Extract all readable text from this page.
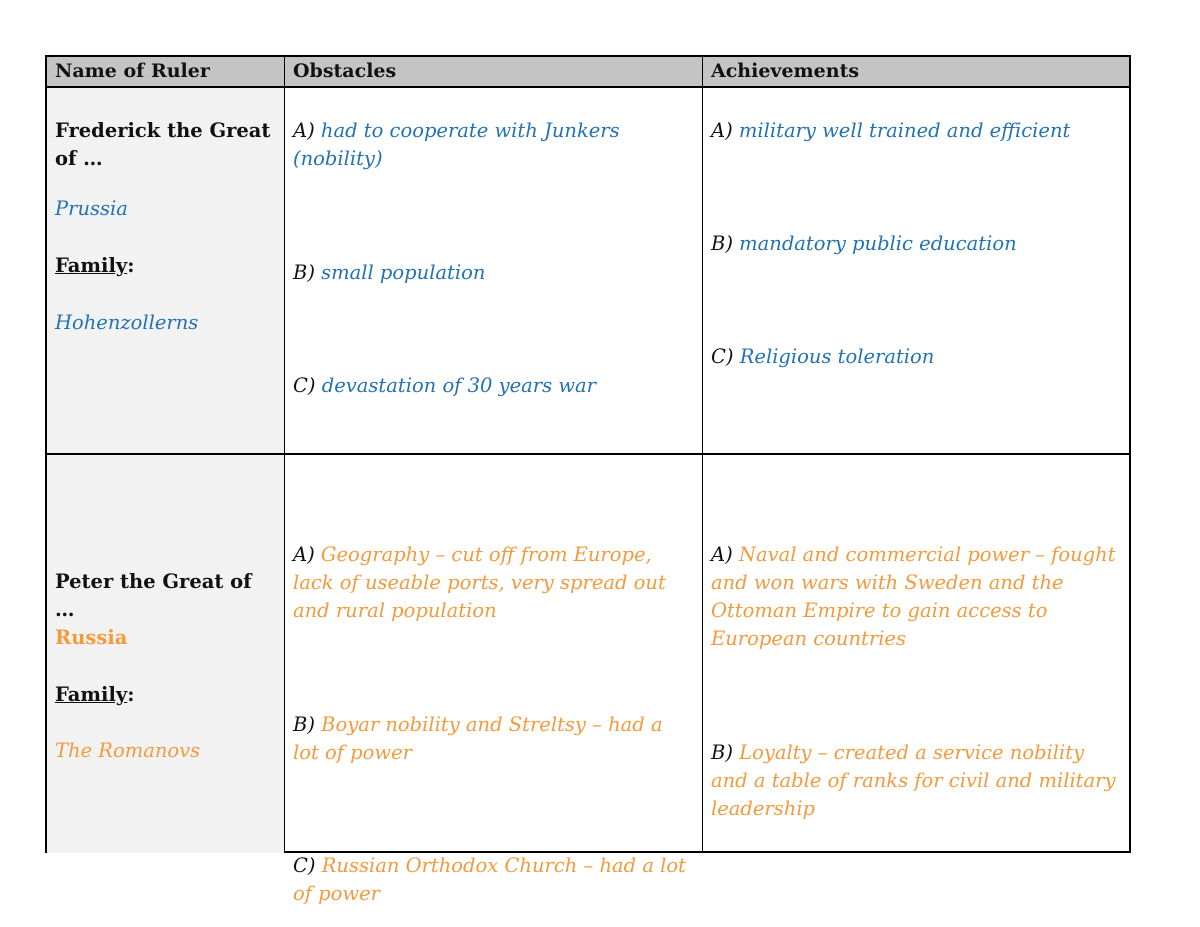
Name of Ruler	Obstacles	Achievements
Frederick the Great of …
Prussia
Family:
Hohenzollerns
A) had to cooperate with Junkers (nobility)
B) small population
C) devastation of 30 years war
A) military well trained and efficient
B) mandatory public education
C) Religious toleration
Peter the Great of …
Russia
Family:
The Romanovs
A) Geography – cut off from Europe, lack of useable ports, very spread out and rural population
B) Boyar nobility and Streltsy – had a lot of power
C) Russian Orthodox Church – had a lot of power
A) Naval and commercial power – fought and won wars with Sweden and the Ottoman Empire to gain access to European countries
B) Loyalty – created a service nobility and a table of ranks for civil and military leadership
